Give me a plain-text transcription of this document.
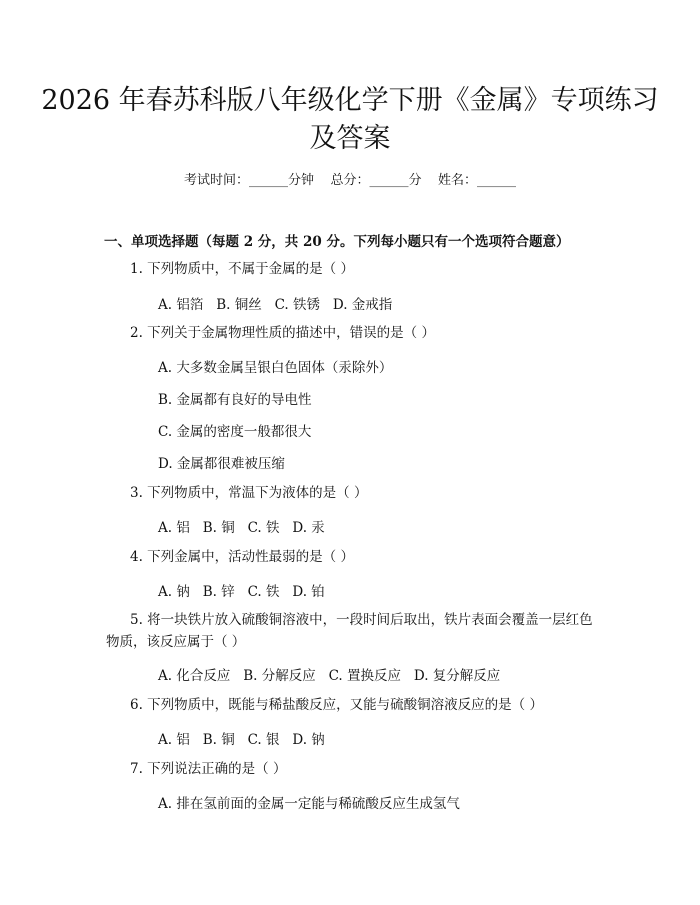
2026 年春苏科版八年级化学下册《金属》专项练习及答案
考试时间：______分钟    总分：______分    姓名：______
一、单项选择题（每题 2 分，共 20 分。下列每小题只有一个选项符合题意）
1. 下列物质中，不属于金属的是（ ）
A. 铝箔   B. 铜丝   C. 铁锈   D. 金戒指
2. 下列关于金属物理性质的描述中，错误的是（ ）
A. 大多数金属呈银白色固体（汞除外）
B. 金属都有良好的导电性
C. 金属的密度一般都很大
D. 金属都很难被压缩
3. 下列物质中，常温下为液体的是（ ）
A. 铝   B. 铜   C. 铁   D. 汞
4. 下列金属中，活动性最弱的是（ ）
A. 钠   B. 锌   C. 铁   D. 铂
5. 将一块铁片放入硫酸铜溶液中，一段时间后取出，铁片表面会覆盖一层红色物质，该反应属于（ ）
A. 化合反应   B. 分解反应   C. 置换反应   D. 复分解反应
6. 下列物质中，既能与稀盐酸反应，又能与硫酸铜溶液反应的是（ ）
A. 铝   B. 铜   C. 银   D. 钠
7. 下列说法正确的是（ ）
A. 排在氢前面的金属一定能与稀硫酸反应生成氢气
